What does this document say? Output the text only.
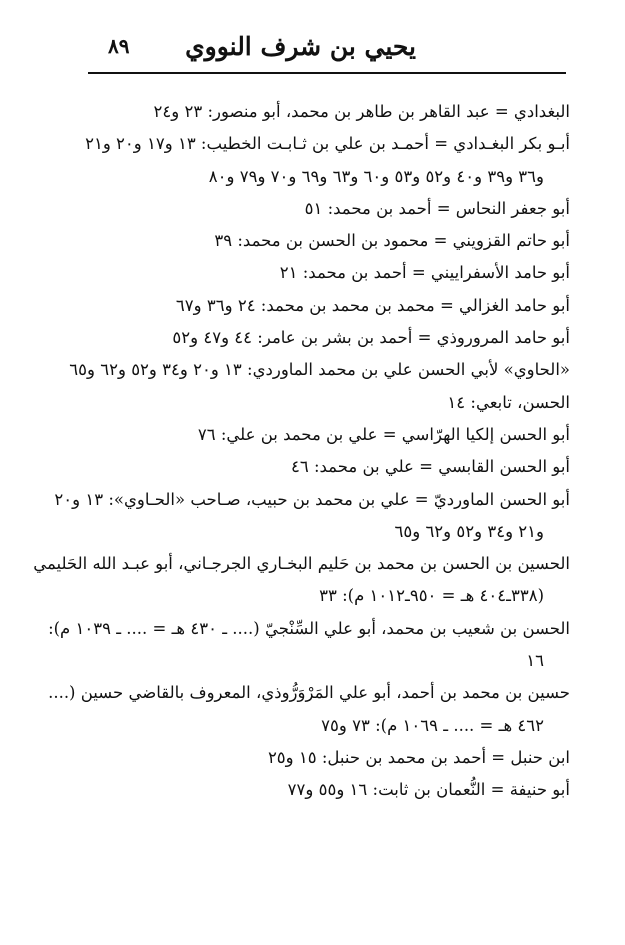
يحيي بن شرف النووي
٨٩
البغدادي = عبد القاهر بن طاهر بن محمد، أبو منصور: ٢٣ و٢٤
أبـو بكر البغـدادي = أحمـد بن علي بن ثـابـت الخطيب: ١٣ و١٧ و٢٠ و٢١
و٣٦ و٣٩ و٤٠ و٥٢ و٥٣ و٦٠ و٦٣ و٦٩ و٧٠ و٧٩ و٨٠
أبو جعفر النحاس = أحمد بن محمد: ٥١
أبو حاتم القزويني = محمود بن الحسن بن محمد: ٣٩
أبو حامد الأسفراييني = أحمد بن محمد: ٢١
أبو حامد الغزالي = محمد بن محمد بن محمد: ٢٤ و٣٦ و٦٧
أبو حامد المروروذي = أحمد بن بشر بن عامر: ٤٤ و٤٧ و٥٢
«الحاوي» لأبي الحسن علي بن محمد الماوردي: ١٣ و٢٠ و٣٤ و٥٢ و٦٢ و٦٥
الحسن، تابعي: ١٤
أبو الحسن إلكيا الهرّاسي = علي بن محمد بن علي: ٧٦
أبو الحسن القابسي = علي بن محمد: ٤٦
أبو الحسن الماورديّ = علي بن محمد بن حبيب، صـاحب «الحـاوي»: ١٣ و٢٠
و٢١ و٣٤ و٥٢ و٦٢ و٦٥
الحسين بن الحسن بن محمد بن حَليم البخـاري الجرجـاني، أبو عبـد الله الحَليمي
(٣٣٨ـ٤٠٤ هـ = ٩٥٠ـ١٠١٢ م): ٣٣
الحسن بن شعيب بن محمد، أبو علي السِّنْجيّ (.... ـ ٤٣٠ هـ = .... ـ ١٠٣٩ م):
١٦
حسين بن محمد بن أحمد، أبو علي المَرْوَرُّوذي، المعروف بالقاضي حسين (....
٤٦٢ هـ = .... ـ ١٠٦٩ م): ٧٣ و٧٥
ابن حنبل = أحمد بن محمد بن حنبل: ١٥ و٢٥
أبو حنيفة = النُّعمان بن ثابت: ١٦ و٥٥ و٧٧
